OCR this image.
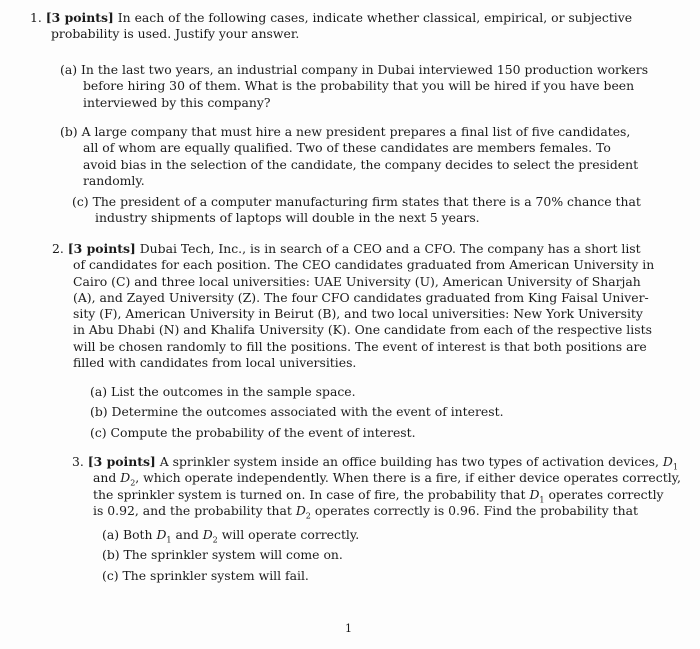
1. [3 points] In each of the following cases, indicate whether classical, empirical, or subjective
probability is used. Justify your answer.
(a) In the last two years, an industrial company in Dubai interviewed 150 production workers
before hiring 30 of them. What is the probability that you will be hired if you have been
interviewed by this company?
(b) A large company that must hire a new president prepares a final list of five candidates,
all of whom are equally qualified. Two of these candidates are members females. To
avoid bias in the selection of the candidate, the company decides to select the president
randomly.
(c) The president of a computer manufacturing firm states that there is a 70% chance that
industry shipments of laptops will double in the next 5 years.
2. [3 points] Dubai Tech, Inc., is in search of a CEO and a CFO. The company has a short list
of candidates for each position. The CEO candidates graduated from American University in
Cairo (C) and three local universities: UAE University (U), American University of Sharjah
(A), and Zayed University (Z). The four CFO candidates graduated from King Faisal Univer-
sity (F), American University in Beirut (B), and two local universities: New York University
in Abu Dhabi (N) and Khalifa University (K). One candidate from each of the respective lists
will be chosen randomly to fill the positions. The event of interest is that both positions are
filled with candidates from local universities.
(a) List the outcomes in the sample space.
(b) Determine the outcomes associated with the event of interest.
(c) Compute the probability of the event of interest.
3. [3 points] A sprinkler system inside an office building has two types of activation devices, $D_1$
and $D_2$, which operate independently. When there is a fire, if either device operates correctly,
the sprinkler system is turned on. In case of fire, the probability that $D_1$ operates correctly
is 0.92, and the probability that $D_2$ operates correctly is 0.96. Find the probability that
(a) Both $D_1$ and $D_2$ will operate correctly.
(b) The sprinkler system will come on.
(c) The sprinkler system will fail.
1
